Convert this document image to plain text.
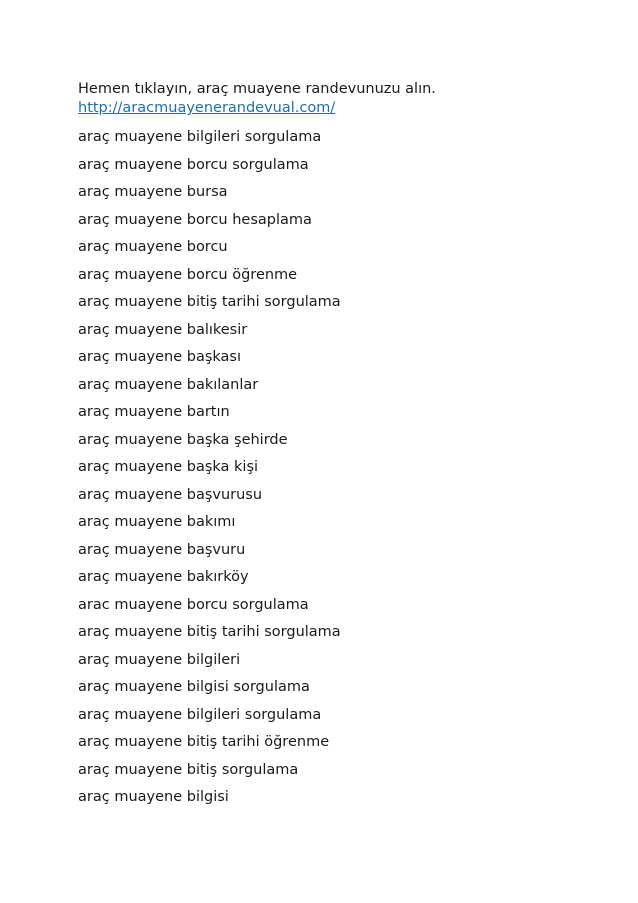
Hemen tıklayın, araç muayene randevunuzu alın.

http://aracmuayenerandevual.com/
araç muayene bilgileri sorgulama
araç muayene borcu sorgulama
araç muayene bursa
araç muayene borcu hesaplama
araç muayene borcu
araç muayene borcu öğrenme
araç muayene bitiş tarihi sorgulama
araç muayene balıkesir
araç muayene başkası
araç muayene bakılanlar
araç muayene bartın
araç muayene başka şehirde
araç muayene başka kişi
araç muayene başvurusu
araç muayene bakımı
araç muayene başvuru
araç muayene bakırköy
arac muayene borcu sorgulama
araç muayene bitiş tarihi sorgulama
araç muayene bilgileri
araç muayene bilgisi sorgulama
araç muayene bilgileri sorgulama
araç muayene bitiş tarihi öğrenme
araç muayene bitiş sorgulama
araç muayene bilgisi
